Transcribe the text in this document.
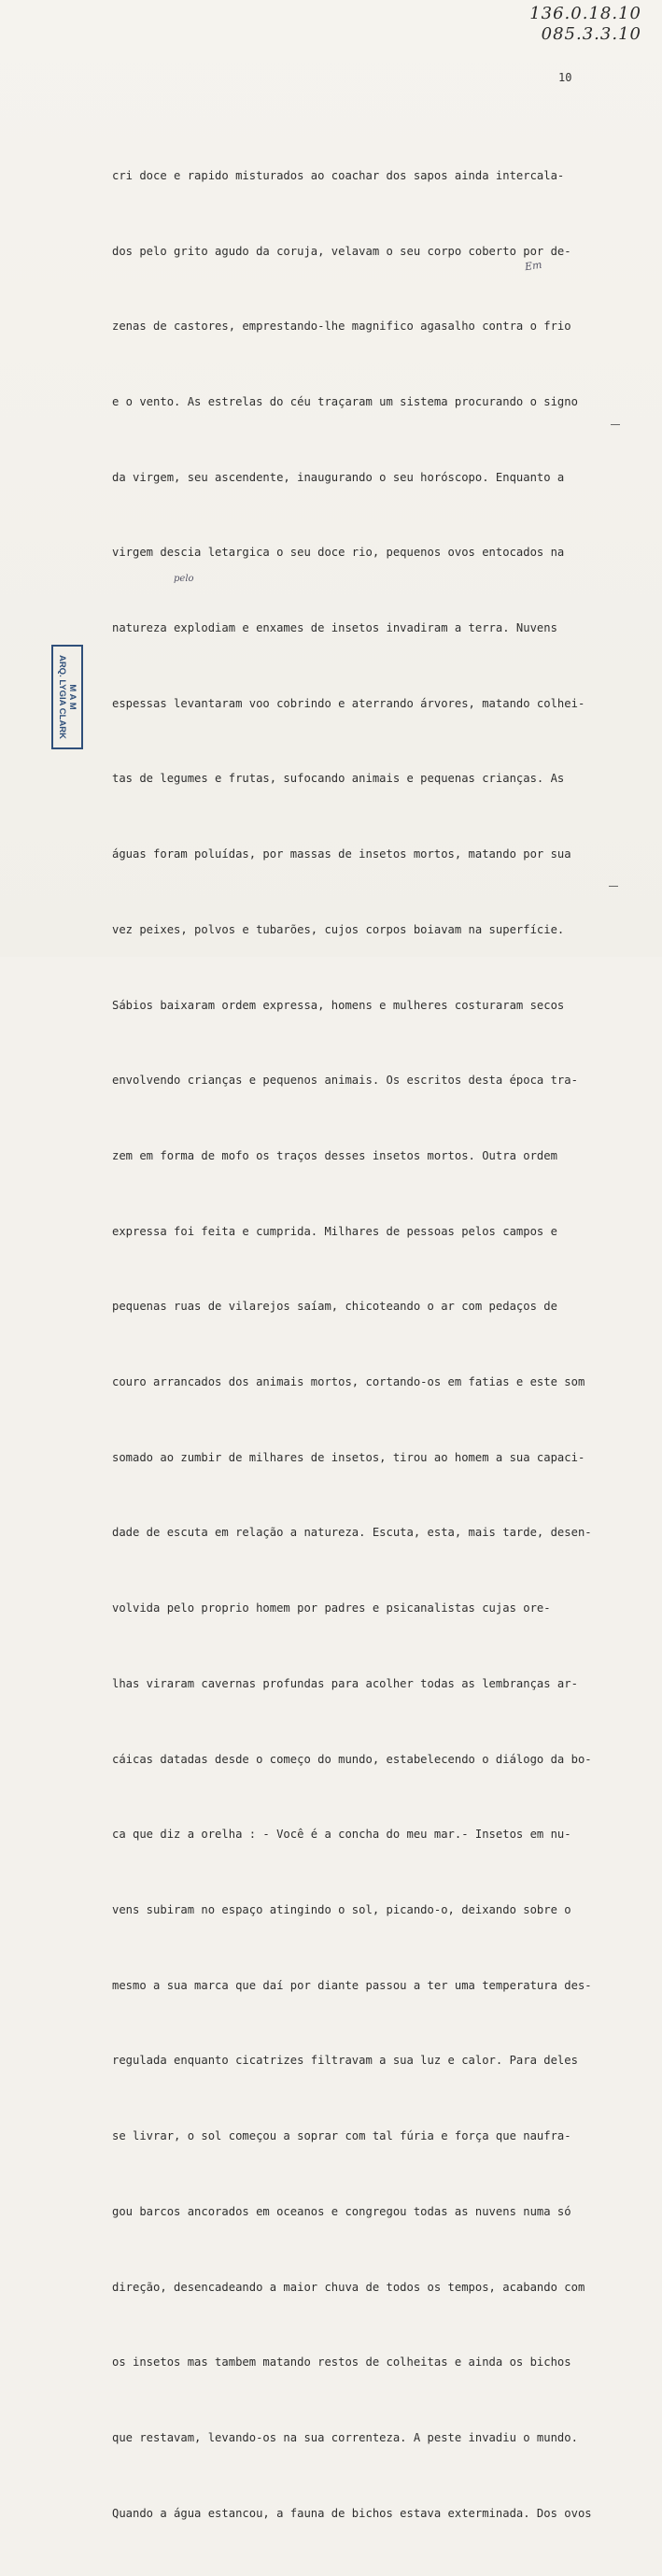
136.0.18.10
085.3.3.10
10

cri doce e rapido misturados ao coachar dos sapos ainda intercala-

dos pelo grito agudo da coruja, velavam o seu corpo coberto por de-

zenas de castores, emprestando-lhe magnifico agasalho contra o frio

e o vento. As estrelas do céu traçaram um sistema procurando o signo

da virgem, seu ascendente, inaugurando o seu horóscopo. Enquanto a

virgem descia letargica o seu doce rio, pequenos ovos entocados na

natureza explodiam e enxames de insetos invadiram a terra. Nuvens

espessas levantaram voo cobrindo e aterrando árvores, matando colhei-

tas de legumes e frutas, sufocando animais e pequenas crianças. As

águas foram poluídas, por massas de insetos mortos, matando por sua

vez peixes, polvos e tubarões, cujos corpos boiavam na superfície.

Sábios baixaram ordem expressa, homens e mulheres costuraram secos

envolvendo crianças e pequenos animais. Os escritos desta época tra-

zem em forma de mofo os traços desses insetos mortos. Outra ordem

expressa foi feita e cumprida. Milhares de pessoas pelos campos e

pequenas ruas de vilarejos saíam, chicoteando o ar com pedaços de

couro arrancados dos animais mortos, cortando-os em fatias e este som

somado ao zumbir de milhares de insetos, tirou ao homem a sua capaci-

dade de escuta em relação a natureza. Escuta, esta, mais tarde, desen-

volvida pelo proprio homem por padres e psicanalistas cujas ore-

lhas viraram cavernas profundas para acolher todas as lembranças ar-

cáicas datadas desde o começo do mundo, estabelecendo o diálogo da bo-

ca que diz a orelha : - Você é a concha do meu mar.- Insetos em nu-

vens subiram no espaço atingindo o sol, picando-o, deixando sobre o

mesmo a sua marca que daí por diante passou a ter uma temperatura des-

regulada enquanto cicatrizes filtravam a sua luz e calor. Para deles

se livrar, o sol começou a soprar com tal fúria e força que naufra-

gou barcos ancorados em oceanos e congregou todas as nuvens numa só

direção, desencadeando a maior chuva de todos os tempos, acabando com

os insetos mas tambem matando restos de colheitas e ainda os bichos

que restavam, levando-os na sua correnteza. A peste invadiu o mundo.

Quando a água estancou, a fauna de bichos estava exterminada. Dos ovos

Em
pelo
M A M
ARQ. LYGIA CLARK
